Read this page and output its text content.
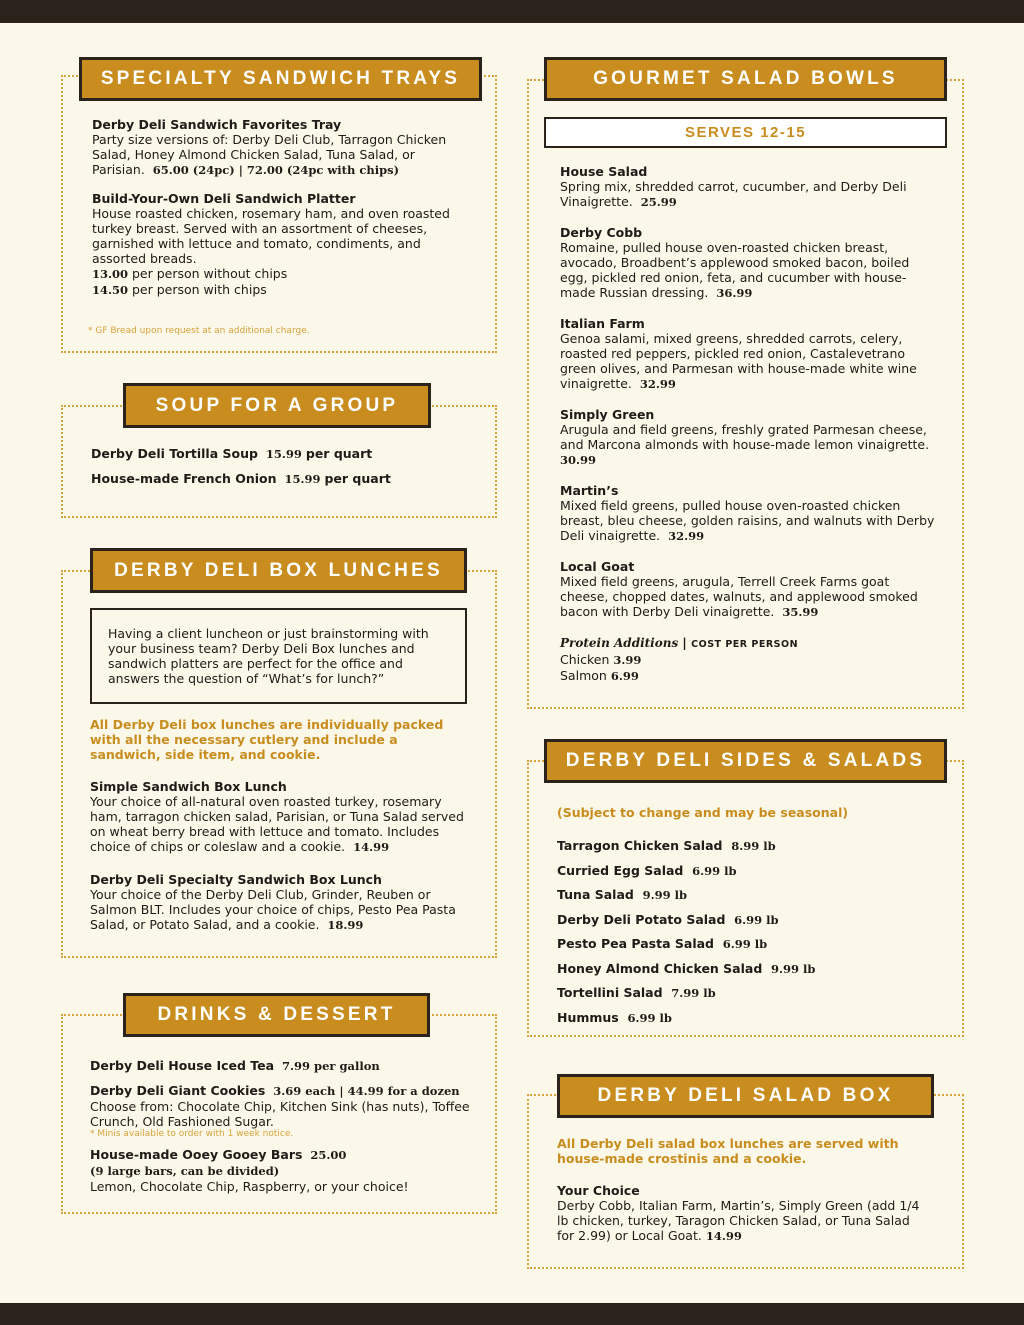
SPECIALTY SANDWICH TRAYS
Derby Deli Sandwich Favorites Tray
Party size versions of: Derby Deli Club, Tarragon Chicken Salad, Honey Almond Chicken Salad, Tuna Salad, or Parisian. 65.00 (24pc) | 72.00 (24pc with chips)
Build-Your-Own Deli Sandwich Platter
House roasted chicken, rosemary ham, and oven roasted turkey breast. Served with an assortment of cheeses, garnished with lettuce and tomato, condiments, and assorted breads.
13.00 per person without chips
14.50 per person with chips
* GF Bread upon request at an additional charge.
SOUP FOR A GROUP
Derby Deli Tortilla Soup 15.99 per quart
House-made French Onion 15.99 per quart
DERBY DELI BOX LUNCHES
Having a client luncheon or just brainstorming with your business team? Derby Deli Box lunches and sandwich platters are perfect for the office and answers the question of “What’s for lunch?”
All Derby Deli box lunches are individually packed with all the necessary cutlery and include a sandwich, side item, and cookie.
Simple Sandwich Box Lunch
Your choice of all-natural oven roasted turkey, rosemary ham, tarragon chicken salad, Parisian, or Tuna Salad served on wheat berry bread with lettuce and tomato. Includes choice of chips or coleslaw and a cookie. 14.99
Derby Deli Specialty Sandwich Box Lunch
Your choice of the Derby Deli Club, Grinder, Reuben or Salmon BLT. Includes your choice of chips, Pesto Pea Pasta Salad, or Potato Salad, and a cookie. 18.99
DRINKS & DESSERT
Derby Deli House Iced Tea 7.99 per gallon
Derby Deli Giant Cookies 3.69 each | 44.99 for a dozen
Choose from: Chocolate Chip, Kitchen Sink (has nuts), Toffee Crunch, Old Fashioned Sugar.
* Minis available to order with 1 week notice.
House-made Ooey Gooey Bars 25.00
(9 large bars, can be divided)
Lemon, Chocolate Chip, Raspberry, or your choice!
GOURMET SALAD BOWLS
SERVES 12-15
House Salad
Spring mix, shredded carrot, cucumber, and Derby Deli Vinaigrette. 25.99
Derby Cobb
Romaine, pulled house oven-roasted chicken breast, avocado, Broadbent’s applewood smoked bacon, boiled egg, pickled red onion, feta, and cucumber with house-made Russian dressing. 36.99
Italian Farm
Genoa salami, mixed greens, shredded carrots, celery, roasted red peppers, pickled red onion, Castalevetrano green olives, and Parmesan with house-made white wine vinaigrette. 32.99
Simply Green
Arugula and field greens, freshly grated Parmesan cheese, and Marcona almonds with house-made lemon vinaigrette.  30.99
Martin’s
Mixed field greens, pulled house oven-roasted chicken breast, bleu cheese, golden raisins, and walnuts with Derby Deli vinaigrette. 32.99
Local Goat
Mixed field greens, arugula, Terrell Creek Farms goat cheese, chopped dates, walnuts, and applewood smoked bacon with Derby Deli vinaigrette. 35.99
Protein Additions | COST PER PERSON
Chicken 3.99
Salmon 6.99
DERBY DELI SIDES & SALADS
(Subject to change and may be seasonal)
Tarragon Chicken Salad 8.99 lb
Curried Egg Salad 6.99 lb
Tuna Salad 9.99 lb
Derby Deli Potato Salad 6.99 lb
Pesto Pea Pasta Salad 6.99 lb
Honey Almond Chicken Salad 9.99 lb
Tortellini Salad 7.99 lb
Hummus 6.99 lb
DERBY DELI SALAD BOX
All Derby Deli salad box lunches are served with house-made crostinis and a cookie.
Your Choice
Derby Cobb, Italian Farm, Martin’s, Simply Green (add 1/4 lb chicken, turkey, Taragon Chicken Salad, or Tuna Salad for 2.99) or Local Goat. 14.99
